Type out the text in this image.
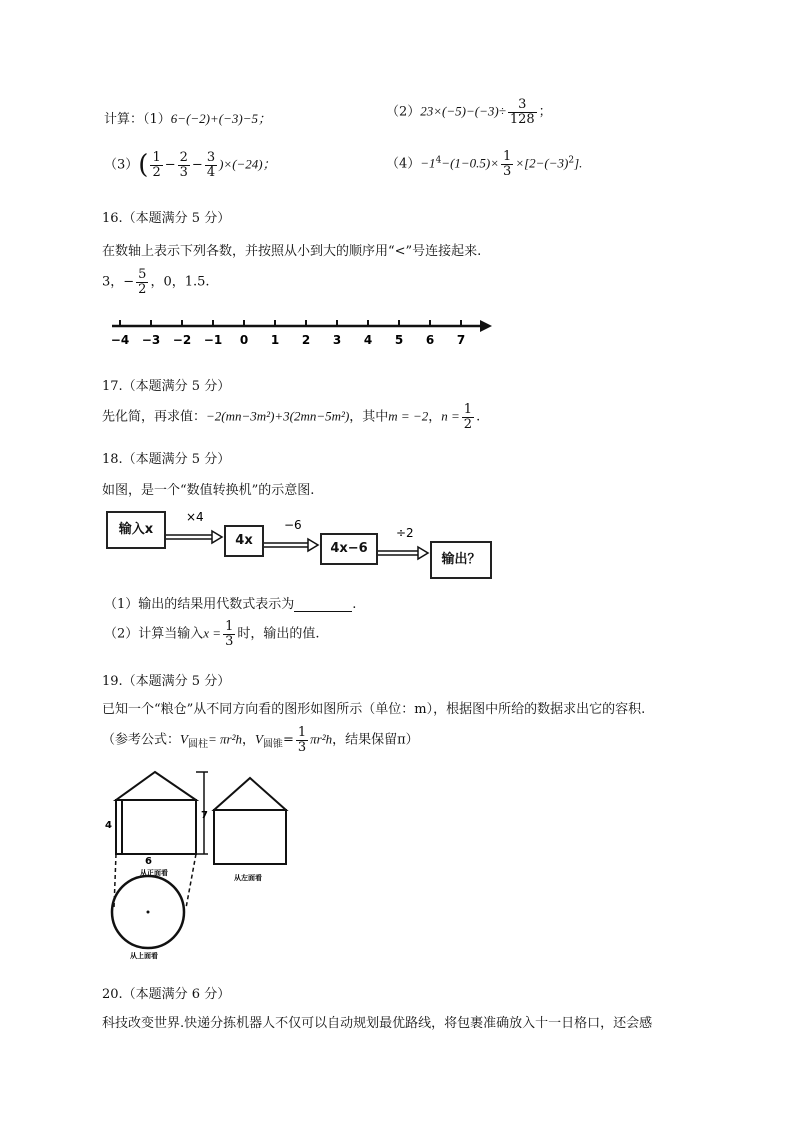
计算：（1）6−(−2)+(−3)−5；	$(2)23\times(-5)-(-3)\div \frac{3}{128}$ ；
$(3)( \frac{1}{2} - \frac{2}{3} - \frac{3}{4} )\times(-24)$；	$(4)-1^4-(1-0.5)\times \frac{1}{3} \times[2-(-3)^2]$.
16.（本题满分 5 分）
在数轴上表示下列各数，并按照从小到大的顺序用“<”号连接起来.
3，− $\frac{5}{2}$ ，0，1.5.
−4 −3 −2 −1 0 1 2 3 4 5 6 7
17.（本题满分 5 分）
先化简，再求值：−2(mn−3m²)+3(2mn−5m²)，其中m = −2，$n = \frac{1}{2}$ .
18.（本题满分 5 分）
如图，是一个“数值转换机”的示意图.
输入x
×4
4x
−6
4x−6
÷2
输出？
（1）输出的结果用代数式表示为	.
（2）计算当输入$x = \frac{1}{3}$ 时，输出的值.
19.（本题满分 5 分）
已知一个“粮仓”从不同方向看的图形如图所示（单位：m），根据图中所给的数据求出它的容积.
（参考公式：$V_{圆柱}= \pi r^2h$，$V_{圆锥}= \frac{1}{3} \pi r^2h$，结果保留π）
4
6
从正面看
7
从左面看
从上面看
20.（本题满分 6 分）
科技改变世界.快递分拣机器人不仅可以自动规划最优路线，将包裹准确放入十一日格口，还会感
